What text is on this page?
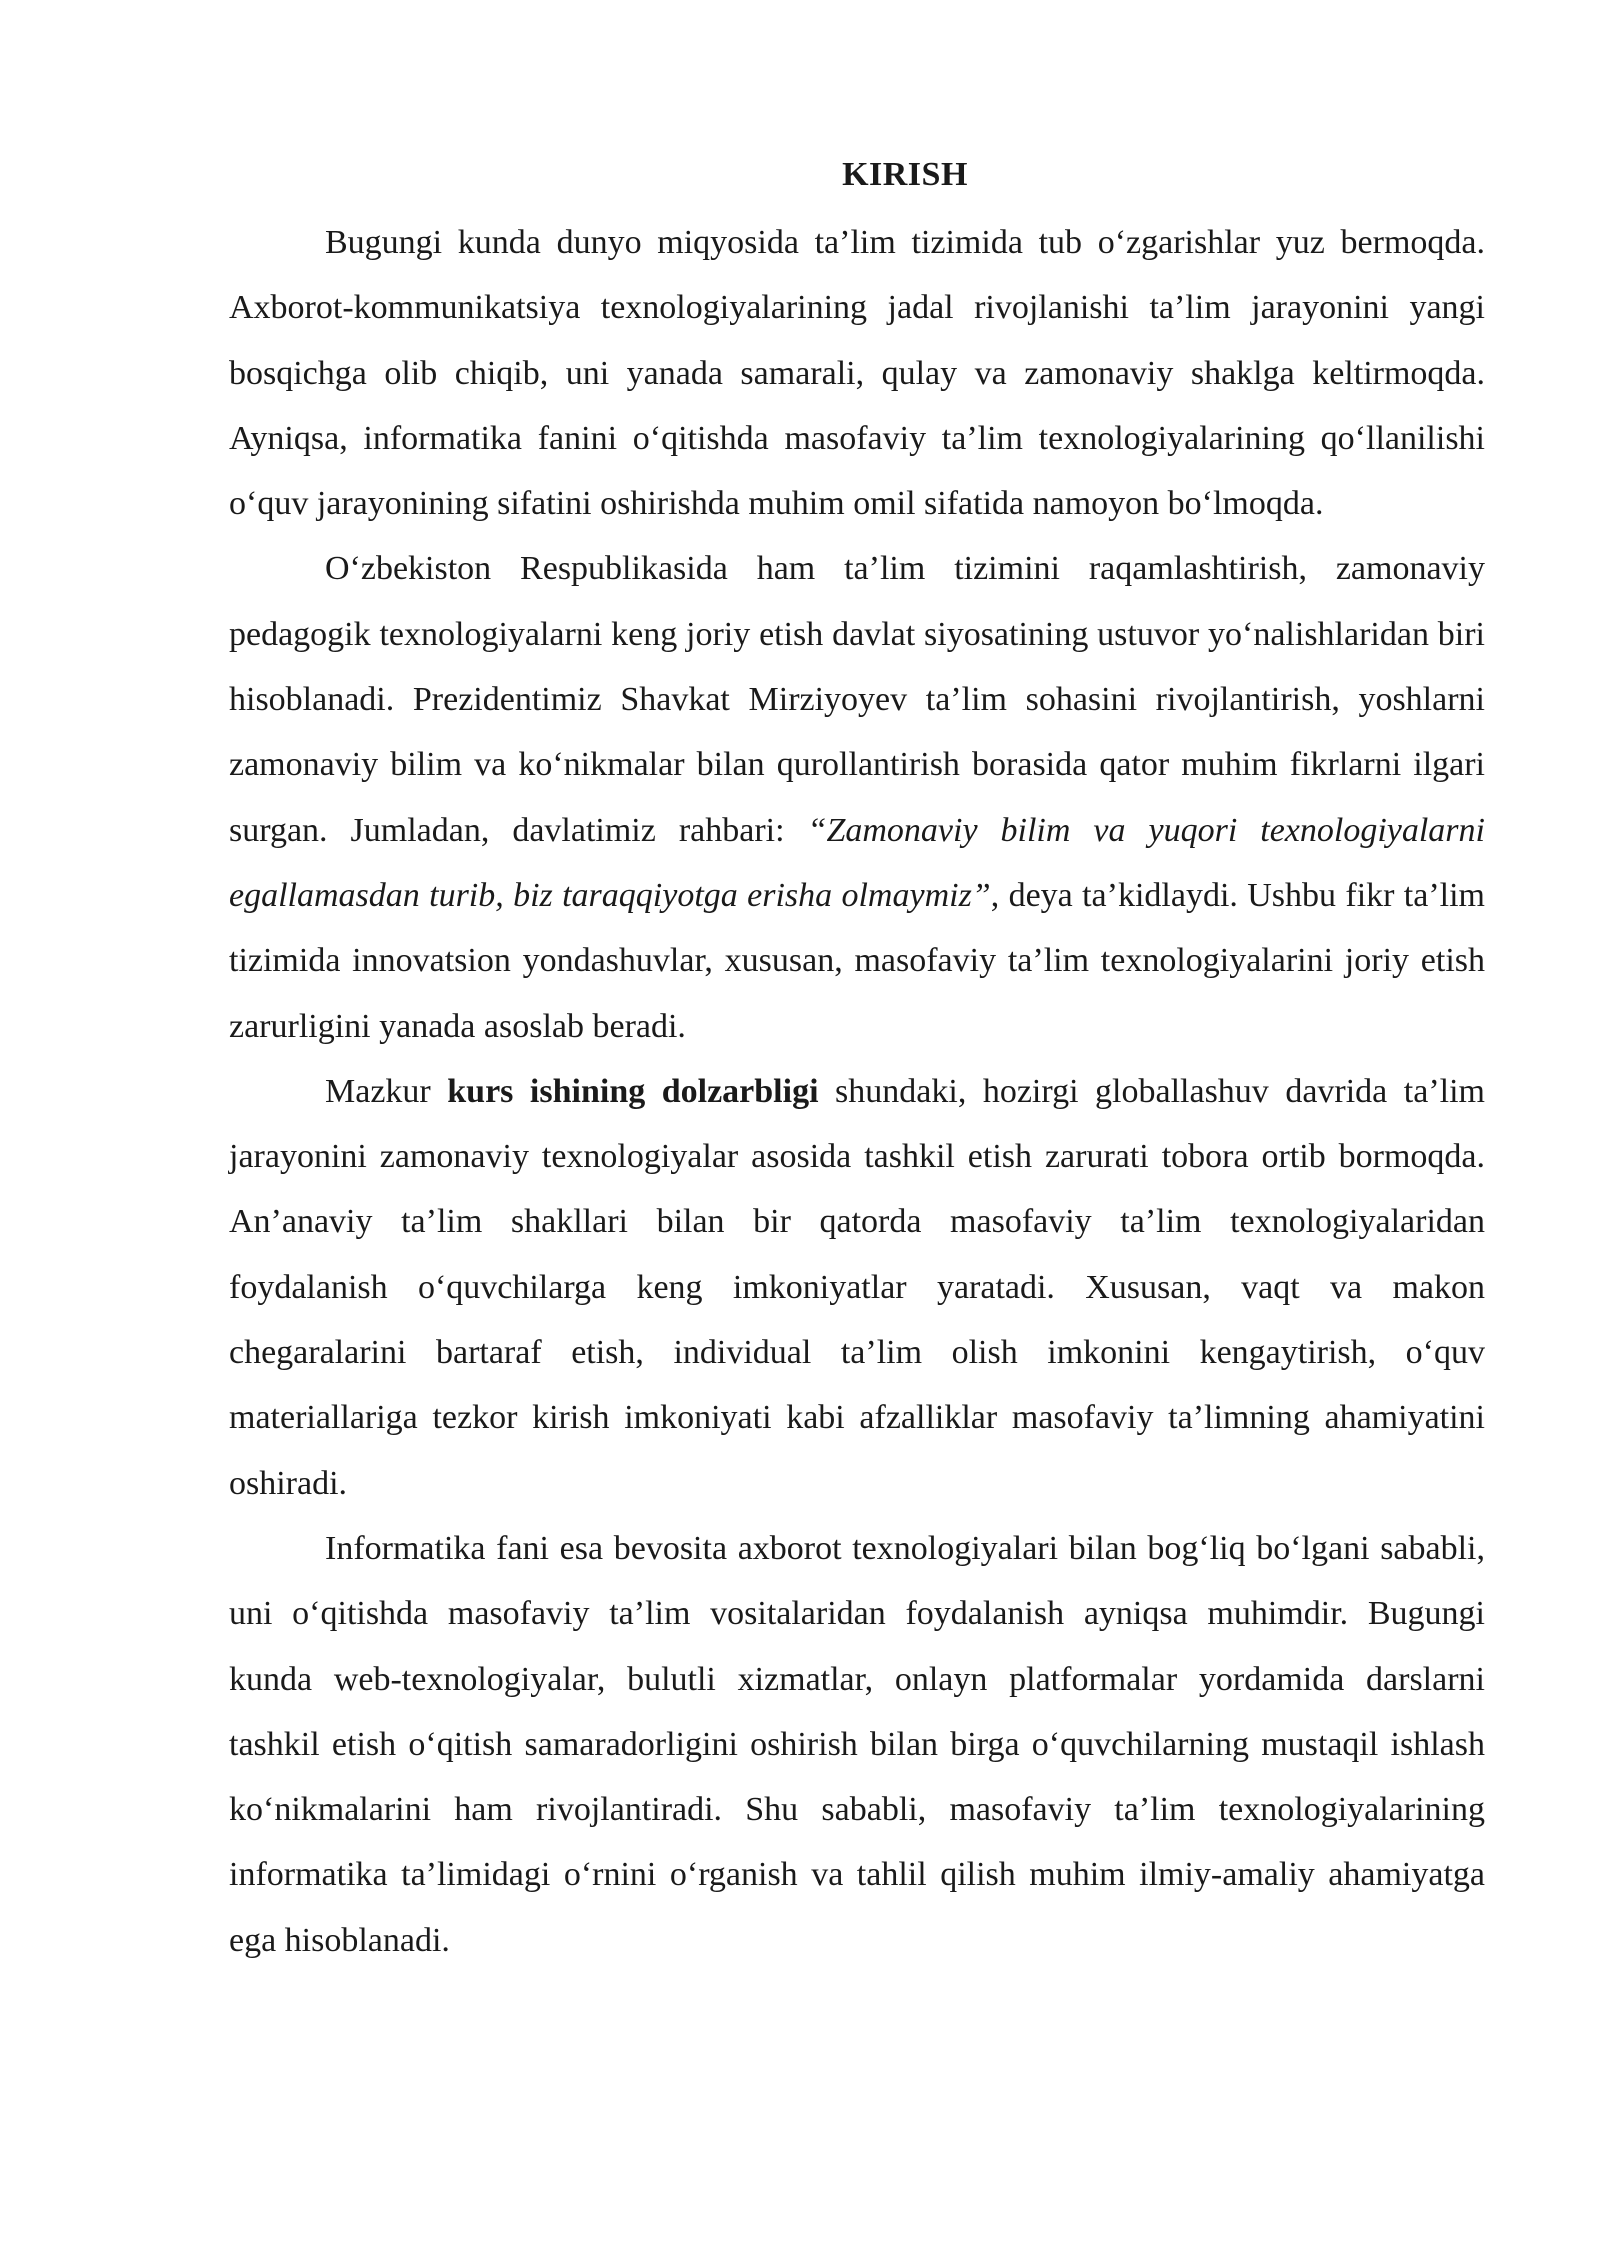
KIRISH

Bugungi kunda dunyo miqyosida ta’lim tizimida tub o‘zgarishlar yuz bermoqda. Axborot-kommunikatsiya texnologiyalarining jadal rivojlanishi ta’lim jarayonini yangi bosqichga olib chiqib, uni yanada samarali, qulay va zamonaviy shaklga keltirmoqda. Ayniqsa, informatika fanini o‘qitishda masofaviy ta’lim texnologiyalarining qo‘llanilishi o‘quv jarayonining sifatini oshirishda muhim omil sifatida namoyon bo‘lmoqda.

O‘zbekiston Respublikasida ham ta’lim tizimini raqamlashtirish, zamonaviy pedagogik texnologiyalarni keng joriy etish davlat siyosatining ustuvor yo‘nalishlaridan biri hisoblanadi. Prezidentimiz Shavkat Mirziyoyev ta’lim sohasini rivojlantirish, yoshlarni zamonaviy bilim va ko‘nikmalar bilan qurollantirish borasida qator muhim fikrlarni ilgari surgan. Jumladan, davlatimiz rahbari: “Zamonaviy bilim va yuqori texnologiyalarni egallamasdan turib, biz taraqqiyotga erisha olmaymiz”, deya ta’kidlaydi. Ushbu fikr ta’lim tizimida innovatsion yondashuvlar, xususan, masofaviy ta’lim texnologiyalarini joriy etish zarurligini yanada asoslab beradi.

Mazkur kurs ishining dolzarbligi shundaki, hozirgi globallashuv davrida ta’lim jarayonini zamonaviy texnologiyalar asosida tashkil etish zarurati tobora ortib bormoqda. An’anaviy ta’lim shakllari bilan bir qatorda masofaviy ta’lim texnologiyalaridan foydalanish o‘quvchilarga keng imkoniyatlar yaratadi. Xususan, vaqt va makon chegaralarini bartaraf etish, individual ta’lim olish imkonini kengaytirish, o‘quv materiallariga tezkor kirish imkoniyati kabi afzalliklar masofaviy ta’limning ahamiyatini oshiradi.

Informatika fani esa bevosita axborot texnologiyalari bilan bog‘liq bo‘lgani sababli, uni o‘qitishda masofaviy ta’lim vositalaridan foydalanish ayniqsa muhimdir. Bugungi kunda web-texnologiyalar, bulutli xizmatlar, onlayn platformalar yordamida darslarni tashkil etish o‘qitish samaradorligini oshirish bilan birga o‘quvchilarning mustaqil ishlash ko‘nikmalarini ham rivojlantiradi. Shu sababli, masofaviy ta’lim texnologiyalarining informatika ta’limidagi o‘rnini o‘rganish va tahlil qilish muhim ilmiy-amaliy ahamiyatga ega hisoblanadi.
